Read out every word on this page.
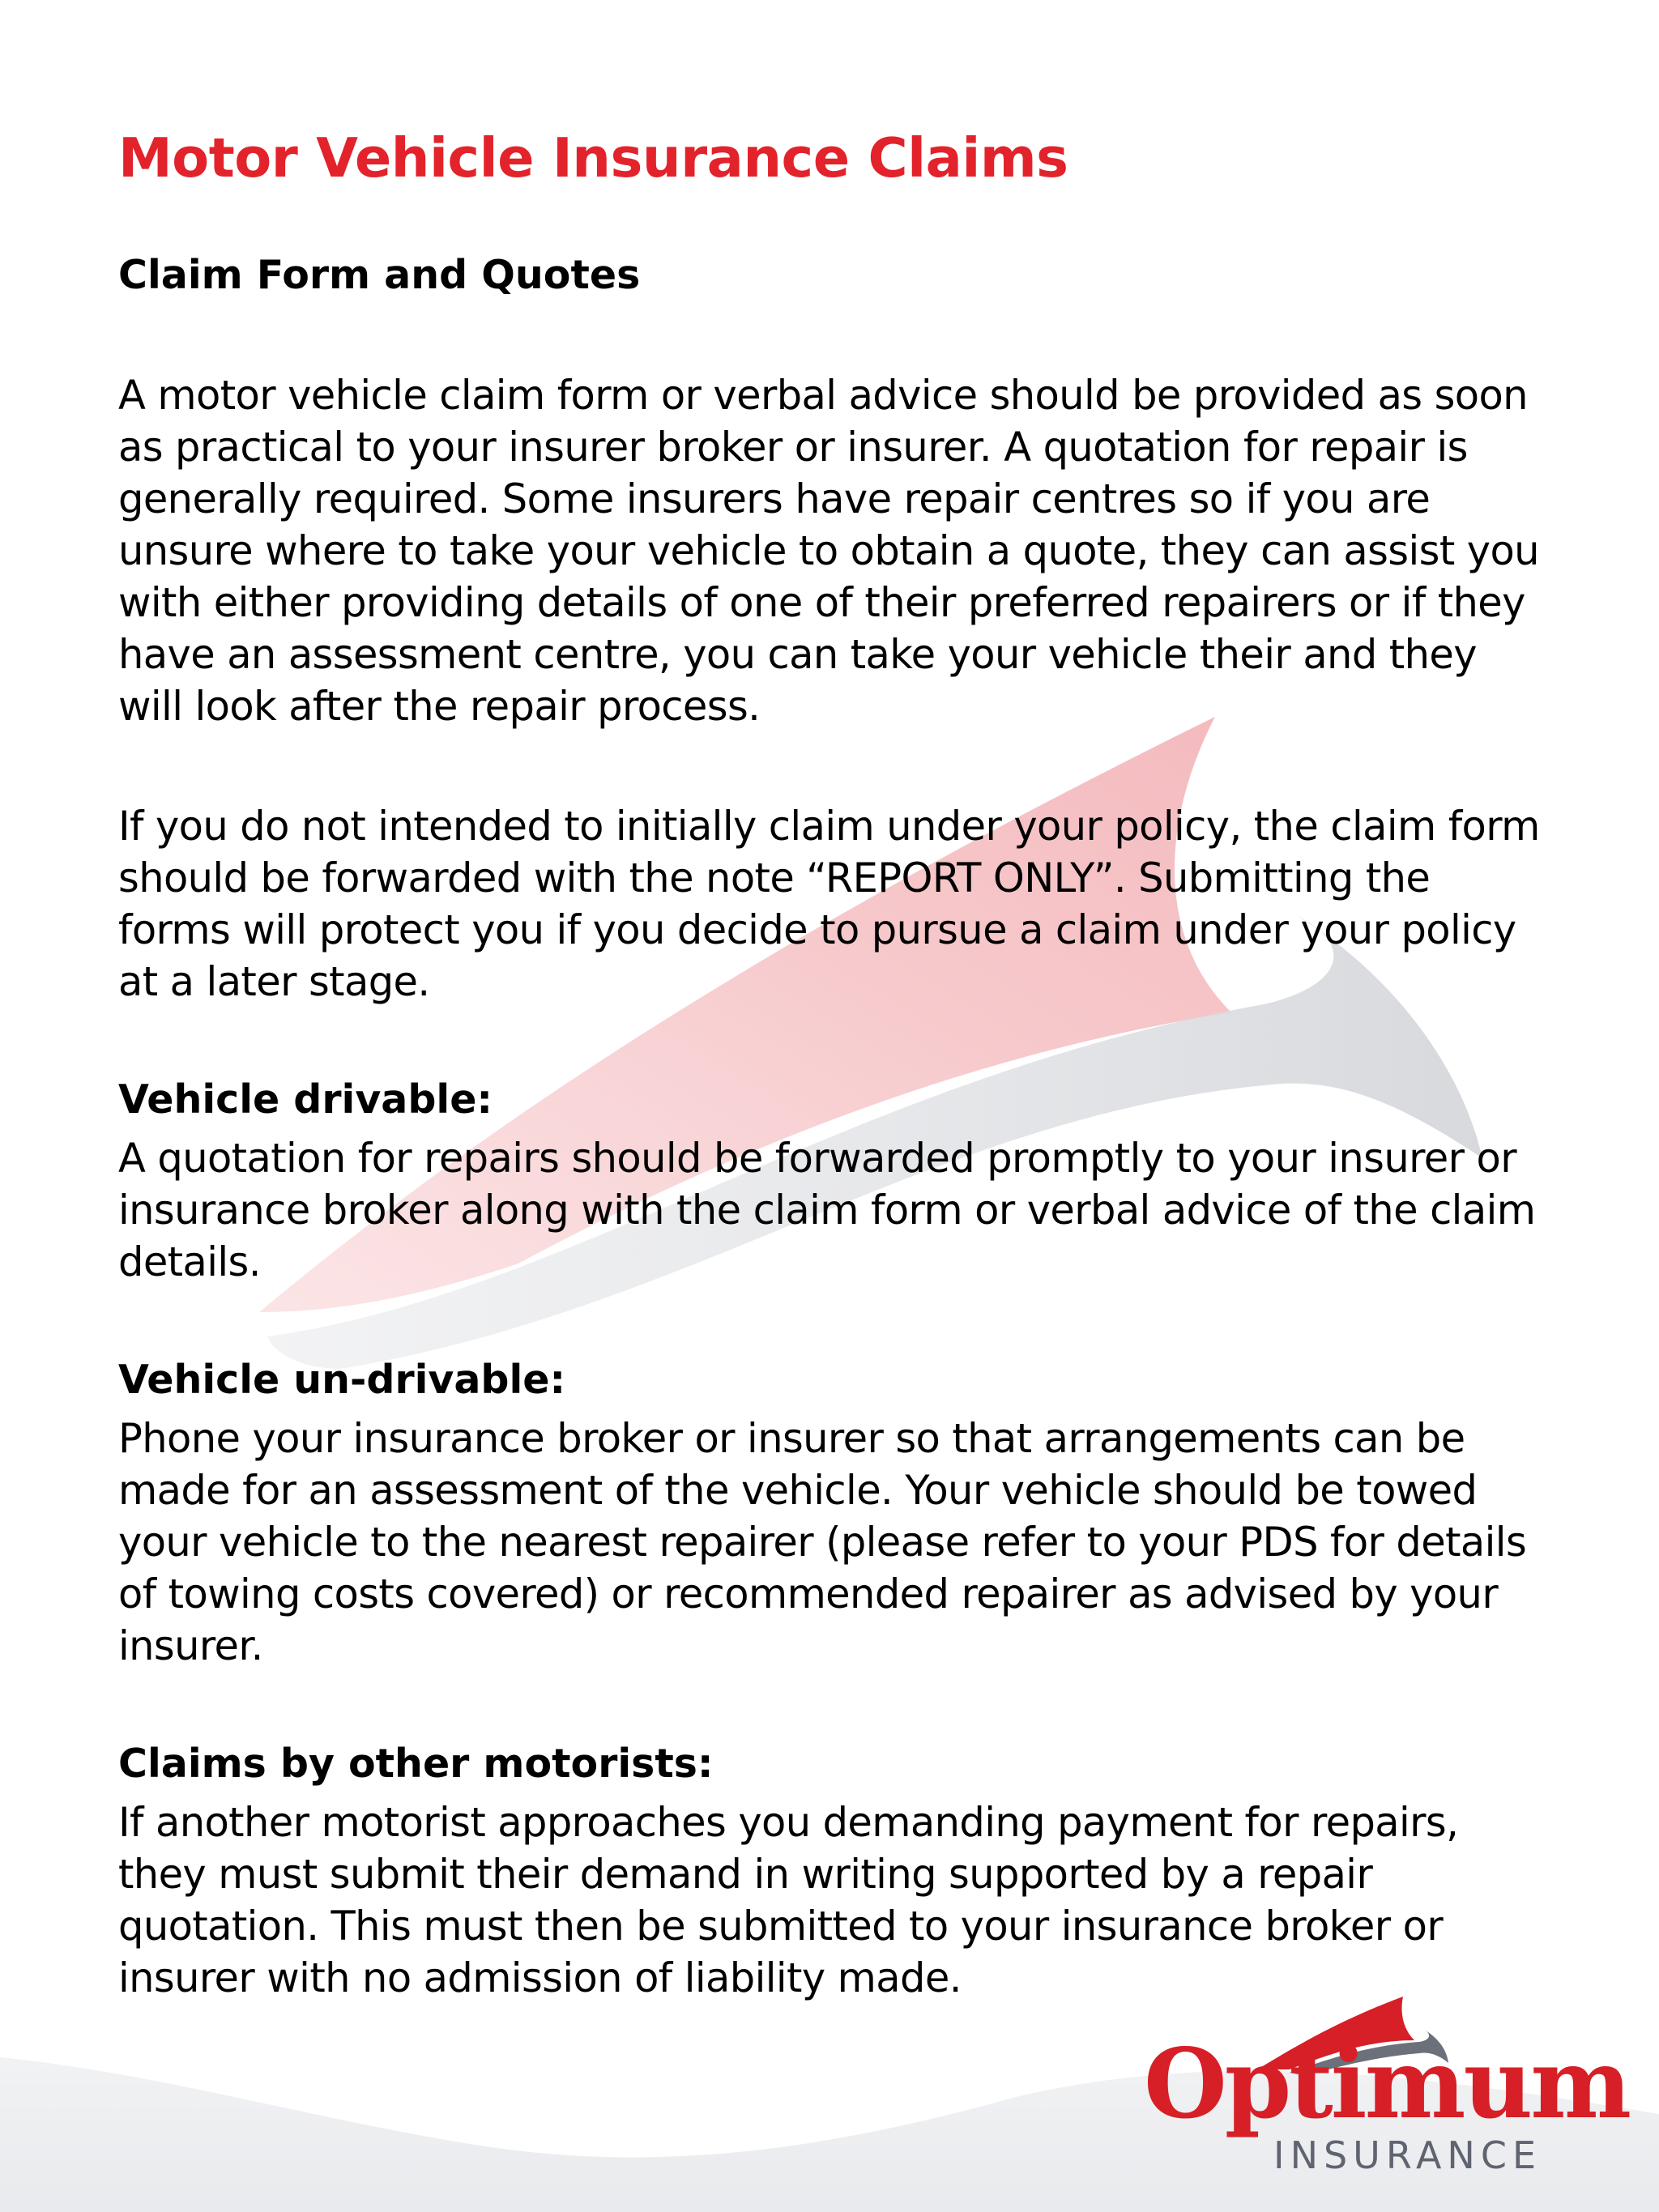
Motor Vehicle Insurance Claims
Claim Form and Quotes

A motor vehicle claim form or verbal advice should be provided as soon as practical to your insurer broker or insurer. A quotation for repair is generally required. Some insurers have repair centres so if you are unsure where to take your vehicle to obtain a quote, they can assist you with either providing details of one of their preferred repairers or if they have an assessment centre, you can take your vehicle their and they will look after the repair process.

If you do not intended to initially claim under your policy, the claim form should be forwarded with the note “REPORT ONLY”. Submitting the forms will protect you if you decide to pursue a claim under your policy at a later stage.

Vehicle drivable:

A quotation for repairs should be forwarded promptly to your insurer or insurance broker along with the claim form or verbal advice of the claim details.

Vehicle un-drivable:

Phone your insurance broker or insurer so that arrangements can be made for an assessment of the vehicle. Your vehicle should be towed your vehicle to the nearest repairer (please refer to your PDS for details of towing costs covered) or recommended repairer as advised by your insurer.

Claims by other motorists:

If another motorist approaches you demanding payment for repairs, they must submit their demand in writing supported by a repair quotation. This must then be submitted to your insurance broker or insurer with no admission of liability made.

Optimum
INSURANCE
